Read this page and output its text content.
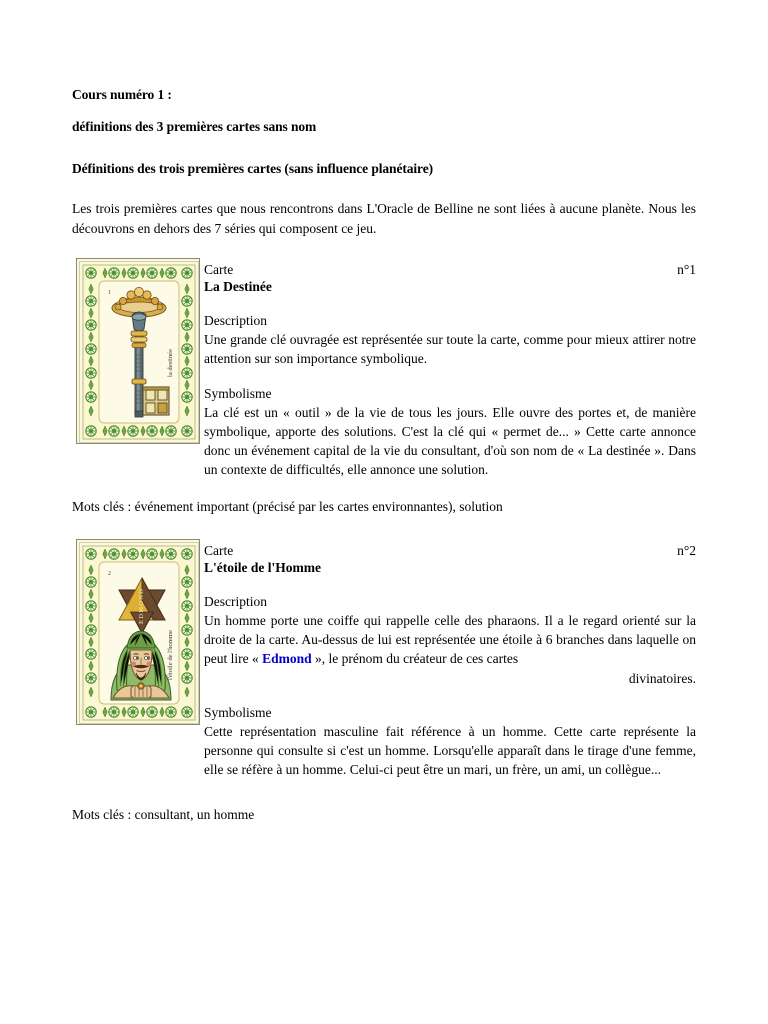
Cours numéro 1 :
définitions des 3 premières cartes sans nom
Définitions des trois premières cartes (sans influence planétaire)
Les trois premières cartes que nous rencontrons dans L'Oracle de Belline ne sont liées à aucune planète. Nous les découvrons en dehors des 7 séries qui composent ce jeu.
1
la destinée
Carte	n°1
La Destinée
Description
Une grande clé ouvragée est représentée sur toute la carte, comme pour mieux attirer notre attention sur son importance symbolique.
Symbolisme
La clé est un « outil » de la vie de tous les jours. Elle ouvre des portes et, de manière symbolique, apporte des solutions. C'est la clé qui « permet de... » Cette carte annonce donc un événement capital de la vie du consultant, d'où son nom de « La destinée ». Dans un contexte de difficultés, elle annonce une solution.
Mots clés : événement important (précisé par les cartes environnantes), solution
EDMOND
2
l'étoile de l'homme
Carte	n°2
L'étoile de l'Homme
Description
Un homme porte une coiffe qui rappelle celle des pharaons. Il a le regard orienté sur la droite de la carte. Au-dessus de lui est représentée une étoile à 6 branches dans laquelle on peut lire « Edmond », le prénom du créateur de ces cartes
divinatoires.
Symbolisme
Cette représentation masculine fait référence à un homme. Cette carte représente la personne qui consulte si c'est un homme. Lorsqu'elle apparaît dans le tirage d'une femme, elle se réfère à un homme. Celui-ci peut être un mari, un frère, un ami, un collègue...
Mots clés : consultant, un homme
